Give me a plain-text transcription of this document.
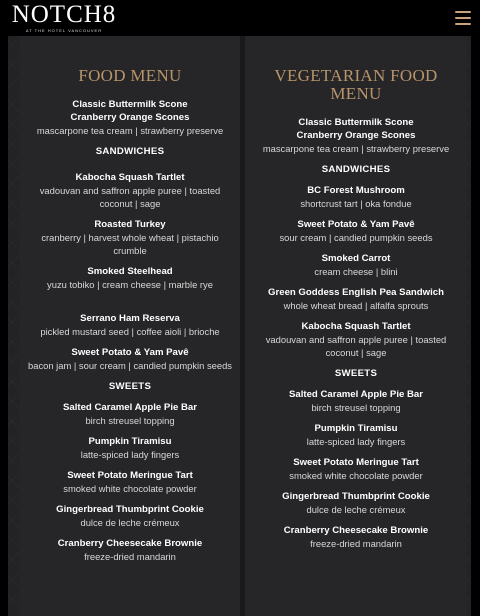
NOTCH8
AT THE HOTEL VANCOUVER
FOOD MENU
Classic Buttermilk Scone
Cranberry Orange Scones
mascarpone tea cream | strawberry preserve
SANDWICHES
Kabocha Squash Tartlet
vadouvan and saffron apple puree | toasted coconut | sage
Roasted Turkey
cranberry | harvest whole wheat | pistachio crumble
Smoked Steelhead
yuzu tobiko | cream cheese | marble rye
Serrano Ham Reserva
pickled mustard seed | coffee aioli | brioche
Sweet Potato & Yam Pavê
bacon jam | sour cream | candied pumpkin seeds
SWEETS
Salted Caramel Apple Pie Bar
birch streusel topping
Pumpkin Tiramisu
latte-spiced lady fingers
Sweet Potato Meringue Tart
smoked white chocolate powder
Gingerbread Thumbprint Cookie
dulce de leche crémeux
Cranberry Cheesecake Brownie
freeze-dried mandarin
VEGETARIAN FOOD MENU
Classic Buttermilk Scone
Cranberry Orange Scones
mascarpone tea cream | strawberry preserve
SANDWICHES
BC Forest Mushroom
shortcrust tart | oka fondue
Sweet Potato & Yam Pavê
sour cream | candied pumpkin seeds
Smoked Carrot
cream cheese | blini
Green Goddess English Pea Sandwich
whole wheat bread | alfalfa sprouts
Kabocha Squash Tartlet
vadouvan and saffron apple puree | toasted coconut | sage
SWEETS
Salted Caramel Apple Pie Bar
birch streusel topping
Pumpkin Tiramisu
latte-spiced lady fingers
Sweet Potato Meringue Tart
smoked white chocolate powder
Gingerbread Thumbprint Cookie
dulce de leche crémeux
Cranberry Cheesecake Brownie
freeze-dried mandarin
